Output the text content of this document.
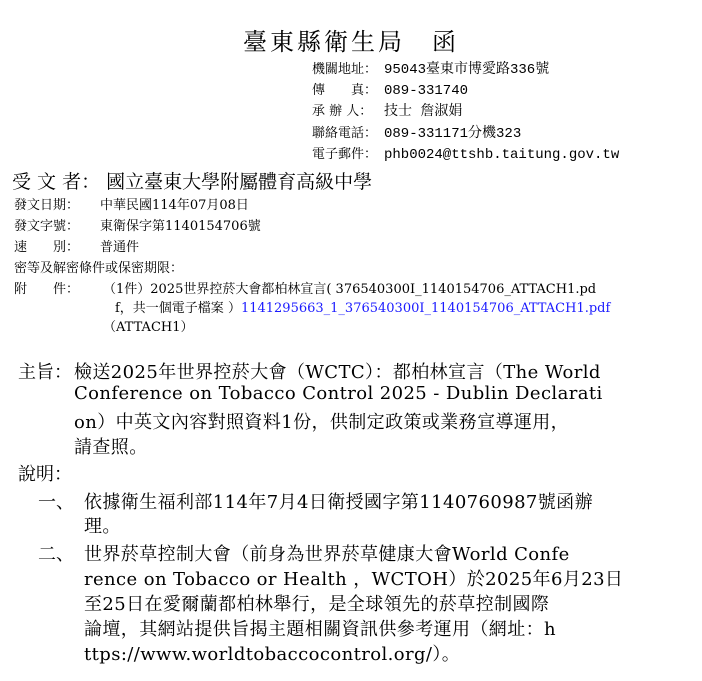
臺東縣衛生局　函
機關地址： 95043臺東市博愛路336號
傳　　真： 089-331740
承 辦 人： 技士 詹淑娟
聯絡電話： 089-331171分機323
電子郵件： phb0024@ttshb.taitung.gov.tw
受 文 者： 國立臺東大學附屬體育高級中學
發文日期： 中華民國114年07月08日
發文字號： 東衛保字第1140154706號
速　　別： 普通件
密等及解密條件或保密期限：
附　　件：	（1件）2025世界控菸大會都柏林宣言( 376540300I_1140154706_ATTACH1.pd
f，共一個電子檔案 ）1141295663_1_376540300I_1140154706_ATTACH1.pdf
（ATTACH1）
主旨： 檢送2025年世界控菸大會（WCTC）：都柏林宣言（The World
Conference on Tobacco Control 2025 - Dublin Declarati
on）中英文內容對照資料1份，供制定政策或業務宣導運用，
請查照。
說明：
一、 依據衛生福利部114年7月4日衛授國字第1140760987號函辦
理。
二、 世界菸草控制大會（前身為世界菸草健康大會World Confe
rence on Tobacco or Health ，WCTOH）於2025年6月23日
至25日在愛爾蘭都柏林舉行，是全球領先的菸草控制國際
論壇，其網站提供旨揭主題相關資訊供參考運用（網址：h
ttps://www.worldtobaccocontrol.org/）。
